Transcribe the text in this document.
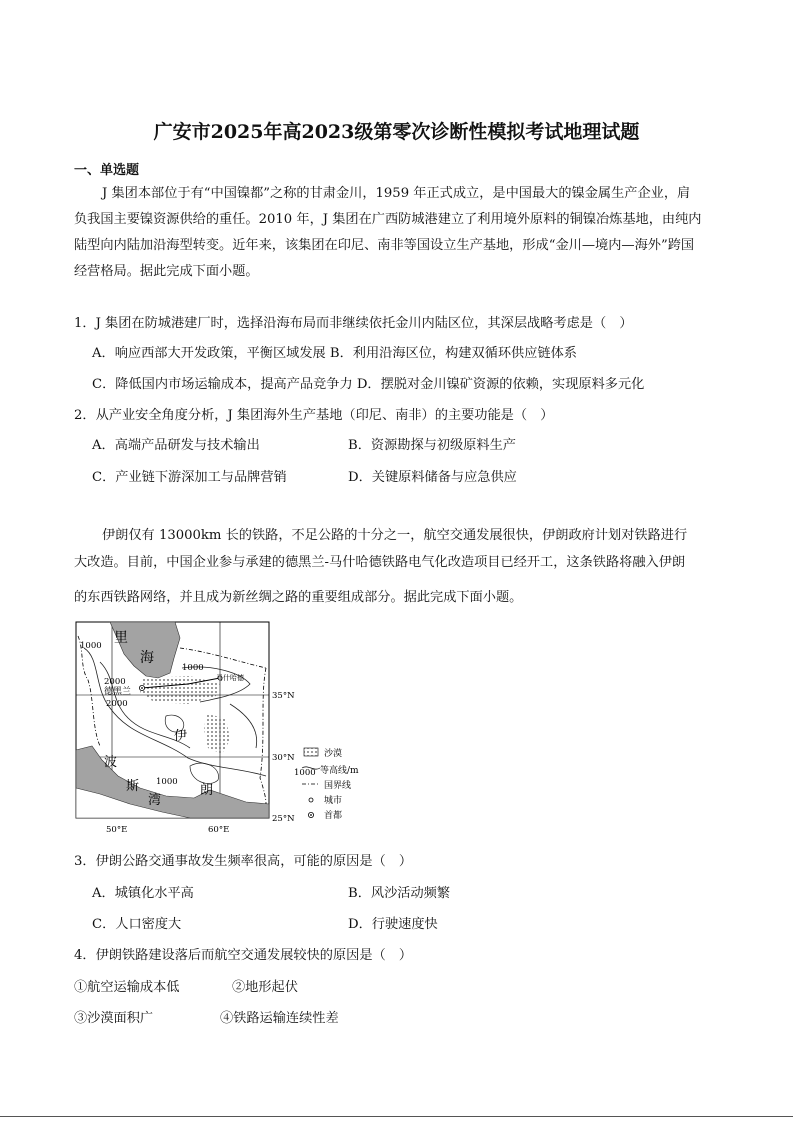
广安市2025年高2023级第零次诊断性模拟考试地理试题
一、单选题
J 集团本部位于有“中国镍都”之称的甘肃金川，1959 年正式成立，是中国最大的镍金属生产企业，肩
负我国主要镍资源供给的重任。2010 年，J 集团在广西防城港建立了利用境外原料的铜镍冶炼基地，由纯内
陆型向内陆加沿海型转变。近年来，该集团在印尼、南非等国设立生产基地，形成“金川—境内—海外”跨国
经营格局。据此完成下面小题。
1．J 集团在防城港建厂时，选择沿海布局而非继续依托金川内陆区位，其深层战略考虑是（　）
A．响应西部大开发政策，平衡区域发展 B．利用沿海区位，构建双循环供应链体系
C．降低国内市场运输成本，提高产品竞争力 D．摆脱对金川镍矿资源的依赖，实现原料多元化
2．从产业安全角度分析，J 集团海外生产基地（印尼、南非）的主要功能是（　）
A．高端产品研发与技术输出	B．资源勘探与初级原料生产
C．产业链下游深加工与品牌营销	D．关键原料储备与应急供应
伊朗仅有 13000km 长的铁路，不足公路的十分之一，航空交通发展很快，伊朗政府计划对铁路进行
大改造。目前，中国企业参与承建的德黑兰-马什哈德铁路电气化改造项目已经开工，这条铁路将融入伊朗
的东西铁路网络，并且成为新丝绸之路的重要组成部分。据此完成下面小题。
里
海
伊
朗
波
斯
湾
德黑兰
马什哈德
1000
1000
1000
2000
2000
35°N
30°N
25°N
50°E	60°E
沙漠
1000 等高线/m
国界线
城市
首都
3．伊朗公路交通事故发生频率很高，可能的原因是（　）
A．城镇化水平高	B．风沙活动频繁
C．人口密度大	D．行驶速度快
4．伊朗铁路建设落后而航空交通发展较快的原因是（　）
①航空运输成本低	②地形起伏
③沙漠面积广	④铁路运输连续性差
